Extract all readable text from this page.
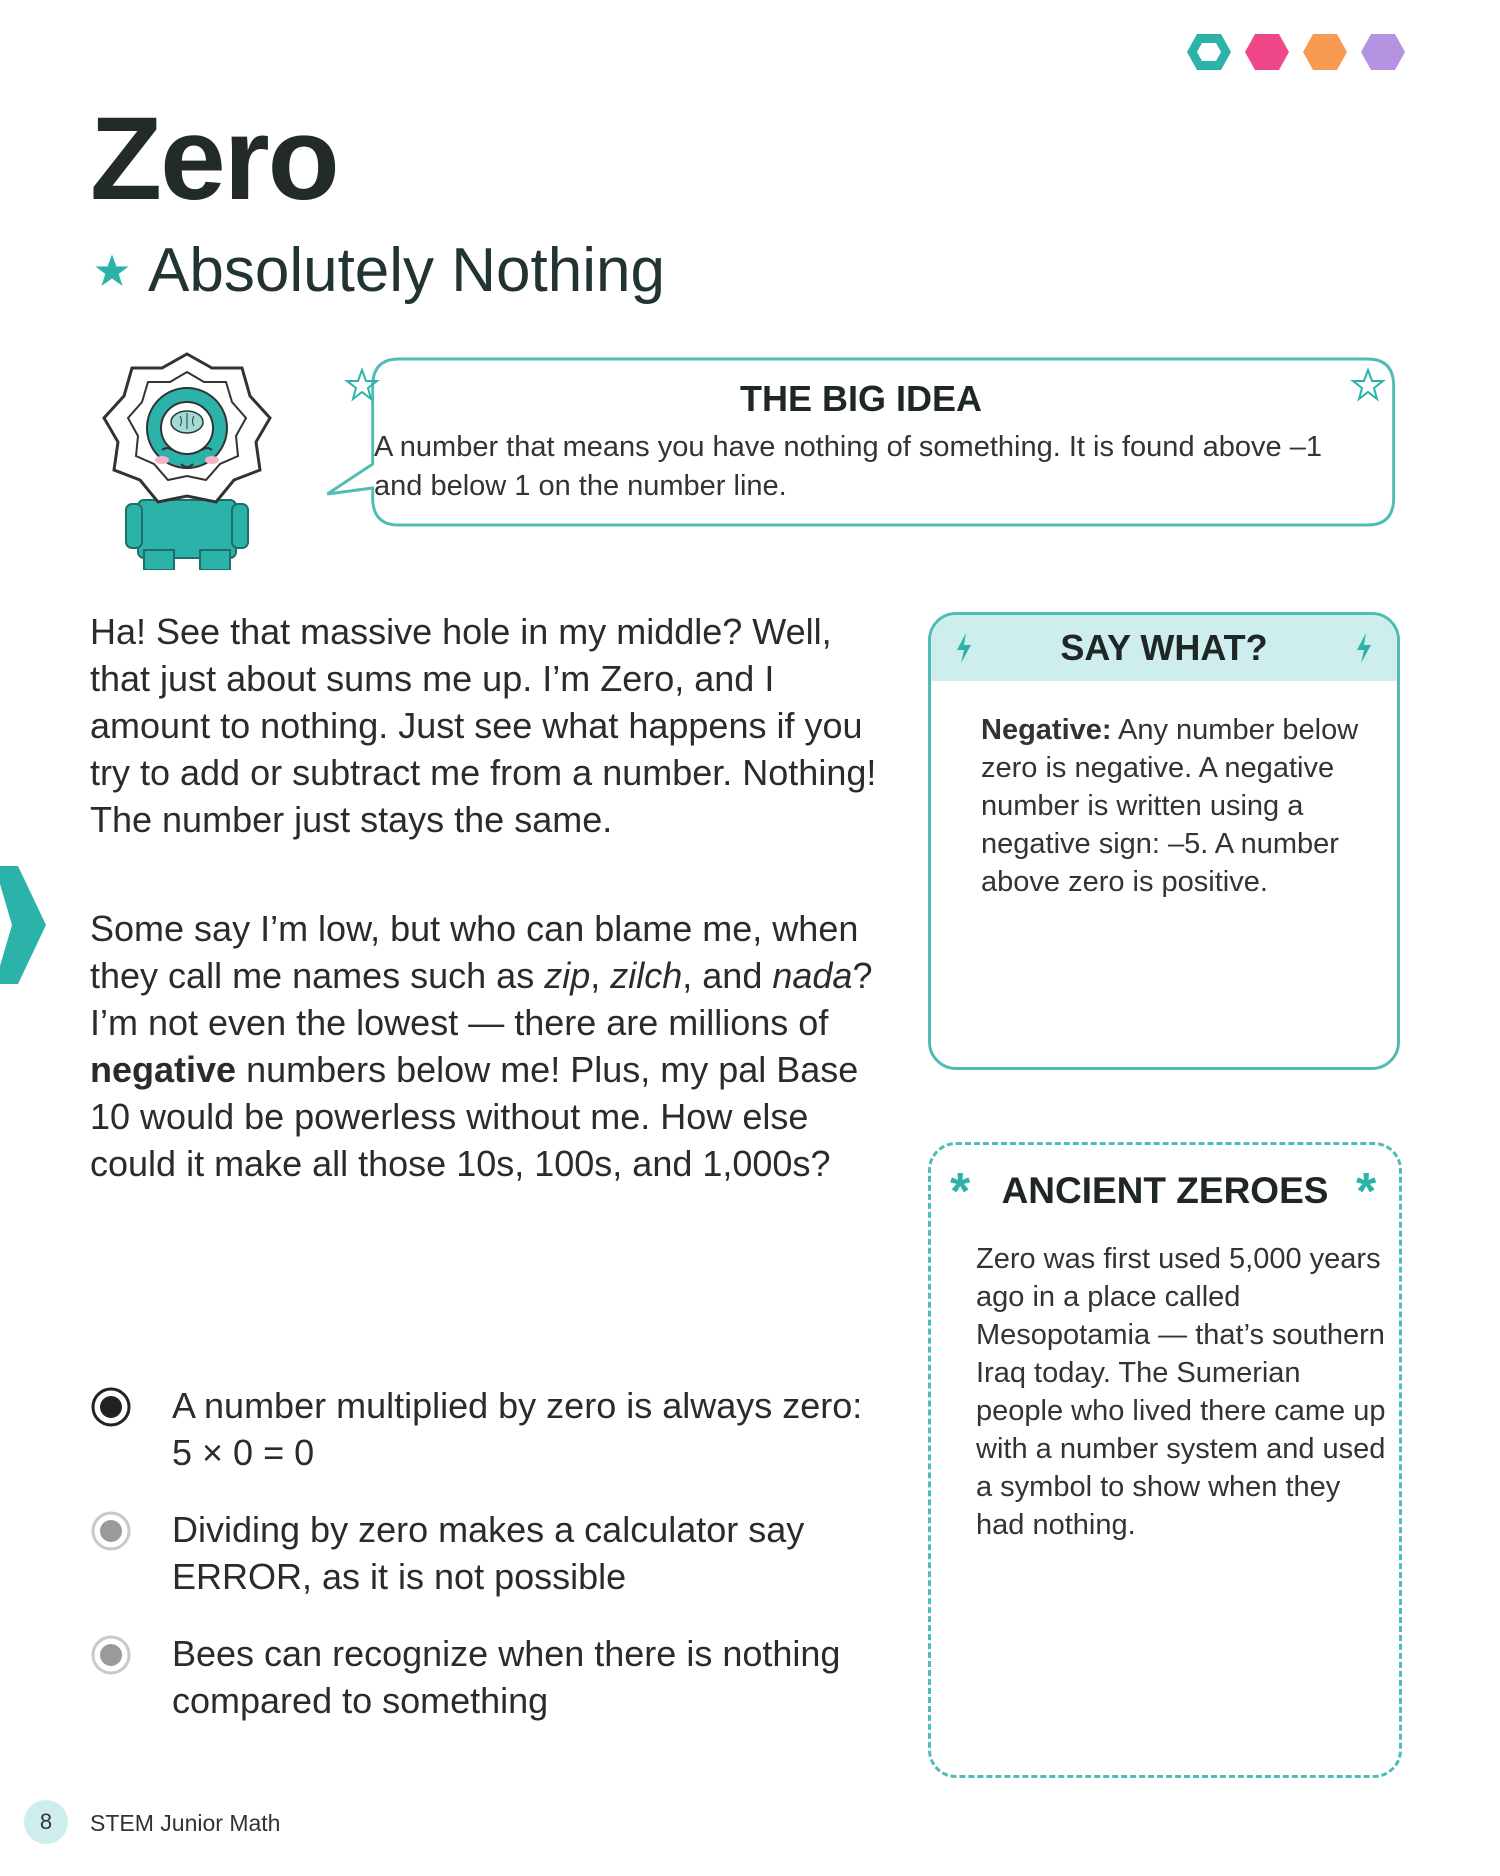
Zero
Absolutely Nothing
THE BIG IDEA
A number that means you have nothing of something. It is found above –1 and below 1 on the number line.

Ha! See that massive hole in my middle? Well, that just about sums me up. I’m Zero, and I amount to nothing. Just see what happens if you try to add or subtract me from a number. Nothing! The number just stays the same.

Some say I’m low, but who can blame me, when they call me names such as zip, zilch, and nada? I’m not even the lowest — there are millions of negative numbers below me! Plus, my pal Base 10 would be powerless without me. How else could it make all those 10s, 100s, and 1,000s?

SAY WHAT?
Negative: Any number below zero is negative. A negative number is written using a negative sign: –5. A number above zero is positive.
*	*
ANCIENT ZEROES
Zero was first used 5,000 years ago in a place called Mesopotamia — that’s southern Iraq today. The Sumerian people who lived there came up with a number system and used a symbol to show when they had nothing.
A number multiplied by zero is always zero: 5 × 0 = 0
Dividing by zero makes a calculator say ERROR, as it is not possible
Bees can recognize when there is nothing compared to something
8	STEM Junior Math
